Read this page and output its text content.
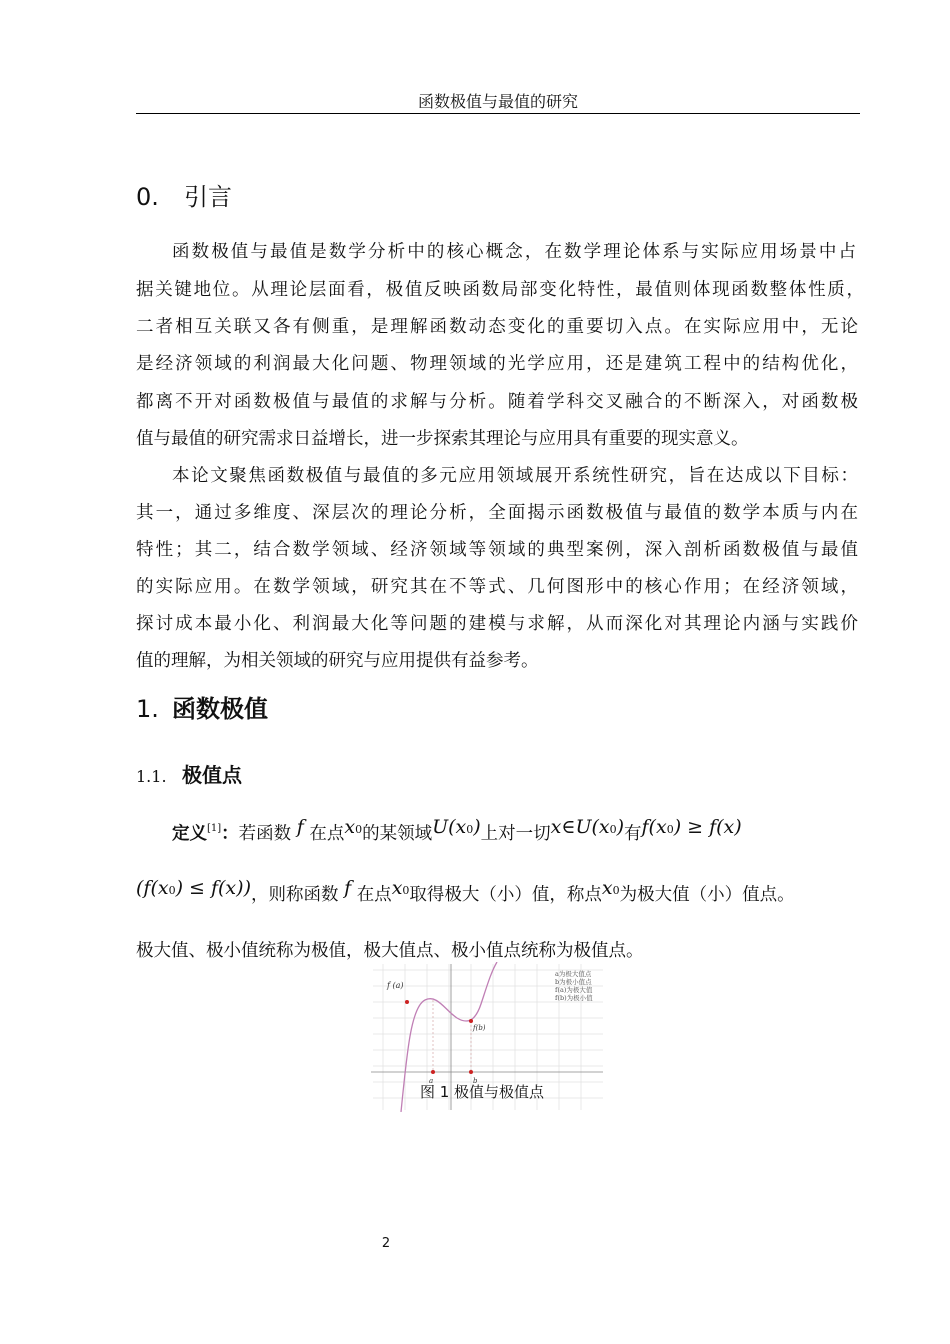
函数极值与最值的研究
0. 引言
函数极值与最值是数学分析中的核心概念，在数学理论体系与实际应用场景中占
据关键地位。从理论层面看，极值反映函数局部变化特性，最值则体现函数整体性质，
二者相互关联又各有侧重，是理解函数动态变化的重要切入点。在实际应用中，无论
是经济领域的利润最大化问题、物理领域的光学应用，还是建筑工程中的结构优化，
都离不开对函数极值与最值的求解与分析。随着学科交叉融合的不断深入，对函数极
值与最值的研究需求日益增长，进一步探索其理论与应用具有重要的现实意义。
本论文聚焦函数极值与最值的多元应用领域展开系统性研究，旨在达成以下目标：
其一，通过多维度、深层次的理论分析，全面揭示函数极值与最值的数学本质与内在
特性；其二，结合数学领域、经济领域等领域的典型案例，深入剖析函数极值与最值
的实际应用。在数学领域，研究其在不等式、几何图形中的核心作用；在经济领域，
探讨成本最小化、利润最大化等问题的建模与求解，从而深化对其理论内涵与实践价
值的理解，为相关领域的研究与应用提供有益参考。
1. 函数极值
1.1. 极值点
定义[1]：若函数 f 在点x0的某领域U(x0)上对一切x∈U(x0)有f(x0) ≥ f(x)
(f(x0) ≤ f(x))，则称函数 f 在点x0取得极大（小）值，称点x0为极大值（小）值点。
极大值、极小值统称为极值，极大值点、极小值点统称为极值点。
f (a)
f(b)
a	b
a为极大值点
b为极小值点
f(a)为极大值
f(b)为极小值
图 1 极值与极值点
2
